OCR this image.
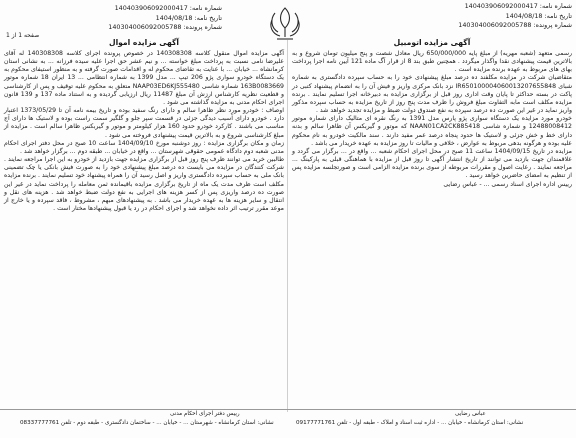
شماره نامه: 140403906092000417
تاریخ نامه: 1404/08/18
شماره پرونده: 140304006092005788
شماره نامه: 140403906092000417
تاریخ نامه: 1404/08/18
شماره پرونده: 140304006092005788
صفحه 1 از 1
آگهی مزایده اموال

آگهی مزایده اموال منقول کلاسه 140308308 در خصوص پرونده اجرای کلاسه 140308308 له آقای علیرضا نامی نسبت به پرداخت مبلغ خواسته ... و نیم عشر حق اجرا علیه سیده فرزانه ... به نشانی استان کرمانشاه ... خیابان ... با عنایت به تقاضای محکوم له و اقدامات صورت گرفته و به منظور استیفای محکوم به یک دستگاه خودرو سواری پژو 206 تیپ ... مدل 1399 به شماره انتظامی ... 13 ایران 18 شماره موتور 163B0083669 شماره شاسی NAAP03ED6KJ555480 متعلق به محکوم علیه توقیف و پس از کارشناسی و قطعیت نظریه کارشناس ارزش آن مبلغ 11487 ریال ارزیابی گردیده و به استناد ماده 137 و 139 قانون اجرای احکام مدنی به مزایده گذاشته می شود .

اوصاف : خودرو مورد نظر ظاهرا سالم و دارای رنگ سفید بوده و تاریخ بیمه نامه آن تا 1373/05/29 اعتبار دارد . خودرو دارای آسیب دیدگی جزئی در قسمت سپر جلو و گلگیر سمت راست بوده و لاستیک ها دارای آج مناسب می باشند . کارکرد خودرو حدود 160 هزار کیلومتر و موتور و گیربکس ظاهرا سالم است . مزایده از مبلغ کارشناسی شروع و به بالاترین قیمت پیشنهادی فروخته می شود .

زمان و مکان برگزاری مزایده : روز دوشنبه مورخ 1404/09/10 ساعت 10 صبح در محل دفتر اجرای احکام مدنی شعبه دوم دادگاه عمومی حقوقی شهرستان ... واقع در خیابان ... طبقه دوم ... برگزار خواهد شد .

طالبین خرید می توانند ظرف پنج روز قبل از برگزاری مزایده جهت بازدید از خودرو به این اجرا مراجعه نمایند . شرکت کنندگان در مزایده می بایست ده درصد مبلغ پیشنهادی خود را به صورت فیش بانکی یا چک تضمینی بانک ملی به حساب سپرده دادگستری واریز و اصل رسید آن را همراه پیشنهاد خود تسلیم نمایند . برنده مزایده مکلف است ظرف مدت یک ماه از تاریخ برگزاری مزایده باقیمانده ثمن معامله را پرداخت نماید در غیر این صورت ده درصد واریزی پس از کسر هزینه های اجرایی به نفع دولت ضبط خواهد شد . هزینه های نقل و انتقال و سایر هزینه ها به عهده خریدار می باشد . به پیشنهادهای مبهم ، مشروط ، فاقد سپرده و یا خارج از موعد مقرر ترتیب اثر داده نخواهد شد و اجرای احکام در رد یا قبول پیشنهادها مختار است .

آگهی مزایده اتومبیل

رسمی متعهد (شعبه مهریه) از مبلغ پایه 650/000/000 ریال معادل شصت و پنج میلیون تومان شروع و به بالاترین قیمت پیشنهادی نقدا واگذار میگردد . همچنین طبق بند 8 از قرار آگ ماده 121 آیین نامه اجرا پرداخت بهای هاى مربوط به عهده برنده مزایده است .

متقاضیان شرکت در مزایده مکلفند ده درصد مبلغ پیشنهادی خود را به حساب سپرده دادگستری به شماره شبای IR650100004060013207655848 نزد بانک مرکزی واریز و فیش آن را به انضمام پیشنهاد کتبی در پاکت در بسته حداکثر تا پایان وقت اداری روز قبل از برگزاری مزایده به دبیرخانه اجرا تسلیم نمایند . برنده مزایده مکلف است مابه التفاوت مبلغ فروش را ظرف مدت پنج روز از تاریخ مزایده به حساب سپرده مذکور واریز نماید در غیر این صورت ده درصد سپرده به نفع صندوق دولت ضبط و مزایده تجدید خواهد شد .

خودرو مورد مزایده یک دستگاه سواری پژو پارس مدل 1391 به رنگ نقره ای متالیک دارای شماره موتور 12488008412 و شماره شاسی NAAN01CA2CK885418 که موتور و گیربکس آن ظاهرا سالم و بدنه دارای خط و خش جزئی و لاستیک ها حدود پنجاه درصد عمر مفید دارند . سند مالکیت خودرو به نام محکوم علیه بوده و هرگونه بدهی مربوط به عوارض ، خلافی و مالیات تا روز مزایده به عهده خریدار می باشد .

مزایده در تاریخ 1404/09/15 ساعت 11 صبح در محل اجرای احکام شعبه ... واقع در ... برگزار می گردد و علاقمندان جهت بازدید می توانند از تاریخ انتشار آگهی تا روز قبل از مزایده با هماهنگی قبلی به پارکینگ ... مراجعه نمایند . رعایت اصول و مقررات مربوطه از سوی برنده مزایده الزامی است و صورتجلسه مزایده پس از تنظیم به امضای حاضرین خواهد رسید .

رییس اداره اجرای اسناد رسمی ... - عباس رضایی

رییس دفتر اجرای احکام مدنی	عباس رضایی
نشانی: استان کرمانشاه - شهرستان ... - خیابان ... - ساختمان دادگستری - طبقه دوم - تلفن 08337777761	نشانی: استان کرمانشاه - خیابان ... - اداره ثبت اسناد و املاک - طبقه اول - تلفن 09177771761
